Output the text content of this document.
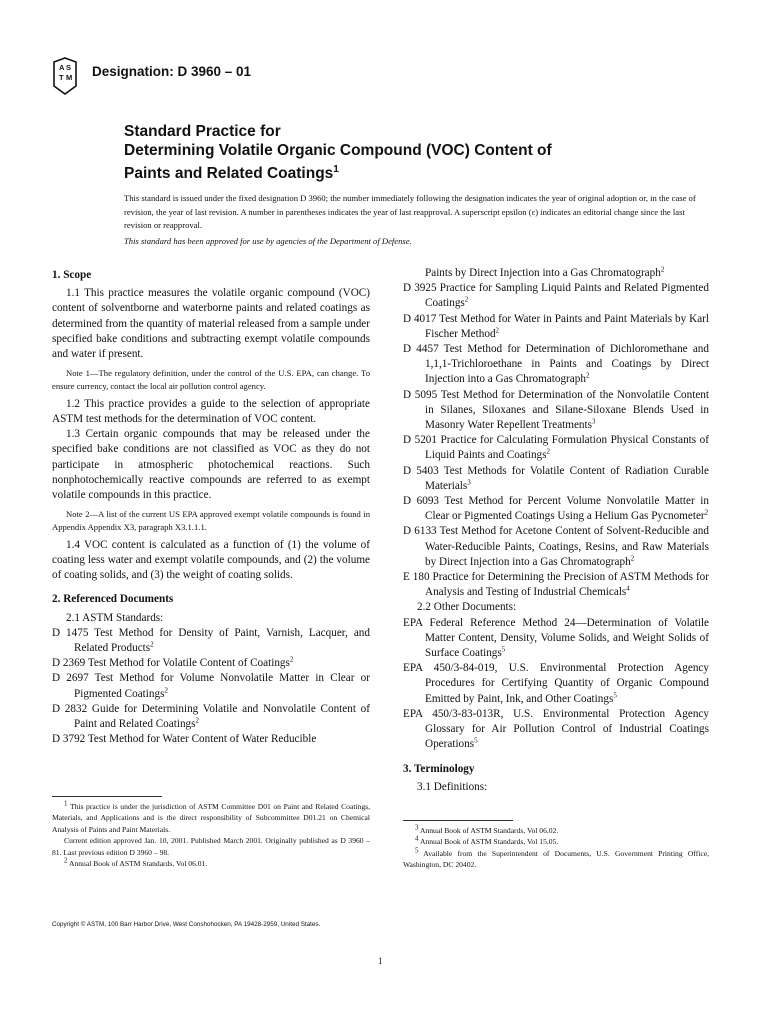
A S
T M Designation: D 3960 – 01
Standard Practice for
Determining Volatile Organic Compound (VOC) Content of
Paints and Related Coatings$^1$
This standard is issued under the fixed designation D 3960; the number immediately following the designation indicates the year of original adoption or, in the case of revision, the year of last revision. A number in parentheses indicates the year of last reapproval. A superscript epsilon (ε) indicates an editorial change since the last revision or reapproval.
This standard has been approved for use by agencies of the Department of Defense.

1. Scope

1.1 This practice measures the volatile organic compound (VOC) content of solventborne and waterborne paints and related coatings as determined from the quantity of material released from a sample under specified bake conditions and subtracting exempt volatile compounds and water if present.

Note 1—The regulatory definition, under the control of the U.S. EPA, can change. To ensure currency, contact the local air pollution control agency.

1.2 This practice provides a guide to the selection of appropriate ASTM test methods for the determination of VOC content.

1.3 Certain organic compounds that may be released under the specified bake conditions are not classified as VOC as they do not participate in atmospheric photochemical reactions. Such nonphotochemically reactive compounds are referred to as exempt volatile compounds in this practice.

Note 2—A list of the current US EPA approved exempt volatile compounds is found in Appendix Appendix X3, paragraph X3.1.1.1.

1.4 VOC content is calculated as a function of (1) the volume of coating less water and exempt volatile compounds, and (2) the volume of coating solids, and (3) the weight of coating solids.

2. Referenced Documents

2.1 ASTM Standards:

D 1475 Test Method for Density of Paint, Varnish, Lacquer, and Related Products$^2$

D 2369 Test Method for Volatile Content of Coatings$^2$

D 2697 Test Method for Volume Nonvolatile Matter in Clear or Pigmented Coatings$^2$

D 2832 Guide for Determining Volatile and Nonvolatile Content of Paint and Related Coatings$^2$

D 3792 Test Method for Water Content of Water Reducible

Paints by Direct Injection into a Gas Chromatograph$^2$

D 3925 Practice for Sampling Liquid Paints and Related Pigmented Coatings$^2$

D 4017 Test Method for Water in Paints and Paint Materials by Karl Fischer Method$^2$

D 4457 Test Method for Determination of Dichloromethane and 1,1,1-Trichloroethane in Paints and Coatings by Direct Injection into a Gas Chromatograph$^2$

D 5095 Test Method for Determination of the Nonvolatile Content in Silanes, Siloxanes and Silane-Siloxane Blends Used in Masonry Water Repellent Treatments$^3$

D 5201 Practice for Calculating Formulation Physical Constants of Liquid Paints and Coatings$^2$

D 5403 Test Methods for Volatile Content of Radiation Curable Materials$^3$

D 6093 Test Method for Percent Volume Nonvolatile Matter in Clear or Pigmented Coatings Using a Helium Gas Pycnometer$^2$

D 6133 Test Method for Acetone Content of Solvent-Reducible and Water-Reducible Paints, Coatings, Resins, and Raw Materials by Direct Injection into a Gas Chromatograph$^2$

E 180 Practice for Determining the Precision of ASTM Methods for Analysis and Testing of Industrial Chemicals$^4$

2.2 Other Documents:

EPA Federal Reference Method 24—Determination of Volatile Matter Content, Density, Volume Solids, and Weight Solids of Surface Coatings$^5$

EPA 450/3-84-019, U.S. Environmental Protection Agency Procedures for Certifying Quantity of Organic Compound Emitted by Paint, Ink, and Other Coatings$^5$

EPA 450/3-83-013R, U.S. Environmental Protection Agency Glossary for Air Pollution Control of Industrial Coatings Operations$^5$

3. Terminology

3.1 Definitions:

$^1$ This practice is under the jurisdiction of ASTM Committee D01 on Paint and Related Coatings, Materials, and Applications and is the direct responsibility of Subcommittee D01.21 on Chemical Analysis of Paints and Paint Materials.

Current edition approved Jan. 10, 2001. Published March 2001. Originally published as D 3960 – 81. Last previous edition D 3960 – 98.

$^2$ Annual Book of ASTM Standards, Vol 06.01.

$^3$ Annual Book of ASTM Standards, Vol 06.02.

$^4$ Annual Book of ASTM Standards, Vol 15.05.

$^5$ Available from the Superintendent of Documents, U.S. Government Printing Office, Washington, DC 20402.

Copyright © ASTM, 100 Barr Harbor Drive, West Conshohocken, PA 19428-2959, United States.
1
